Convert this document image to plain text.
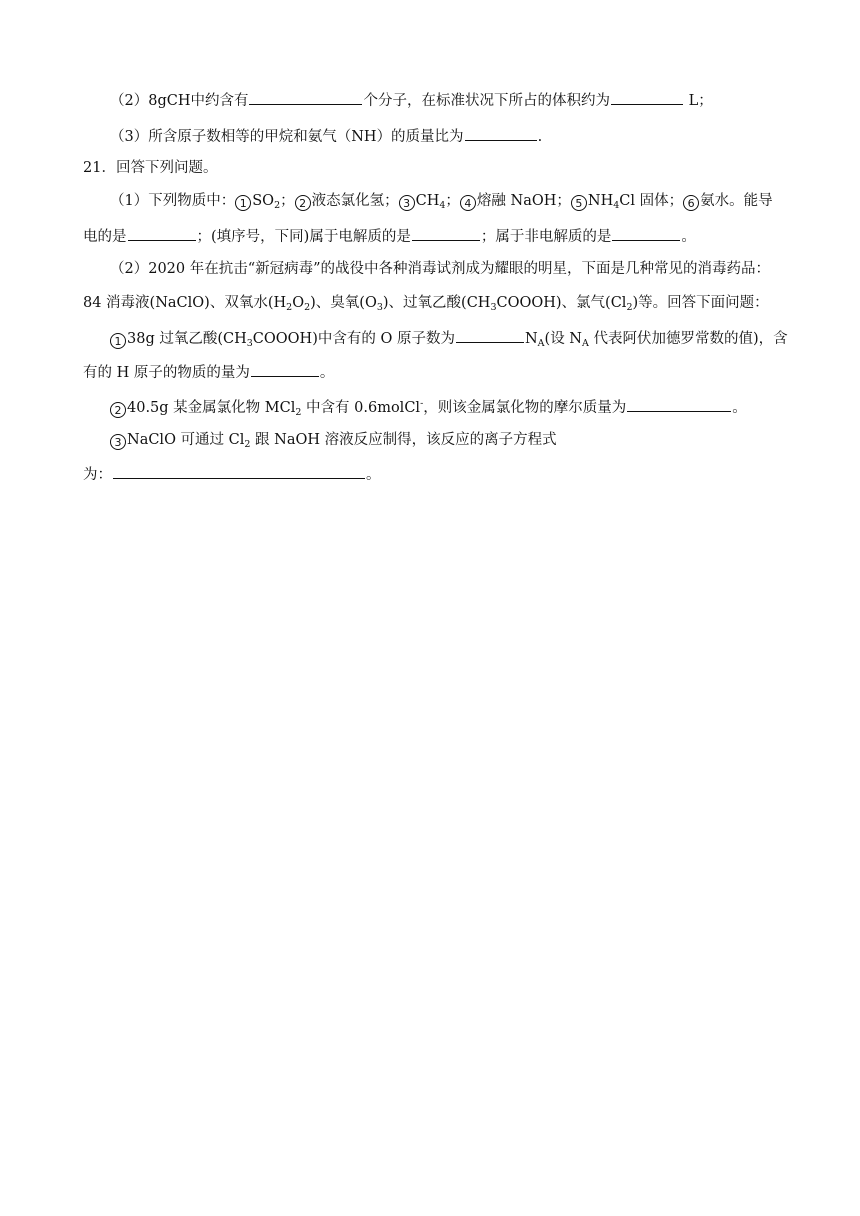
（2）8gCH中约含有	个分子，在标准状况下所占的体积约为	L；
（3）所含原子数相等的甲烷和氨气（NH）的质量比为	.
21．回答下列问题。
（1）下列物质中： 1 $SO_2$； 2 液态氯化氢； 3 $CH_4$； 4 熔融 NaOH； 5 $NH_4Cl$ 固体； 6 氨水。能导
电的是	；(填序号，下同)属于电解质的是	；属于非电解质的是	。
（2）2020 年在抗击“新冠病毒”的战役中各种消毒试剂成为耀眼的明星，下面是几种常见的消毒药品：
84 消毒液(NaClO)、双氧水$(H_2O_2)$、臭氧$(O_3)$、过氧乙酸$(CH_3COOOH)$、氯气$(Cl_2)$等。回答下面问题：
1 38g 过氧乙酸$(CH_3COOOH)$中含有的 O 原子数为	$N_A$(设 $N_A$ 代表阿伏加德罗常数的值)，含
有的 H 原子的物质的量为	。
2 40.5g 某金属氯化物 MCl$_2$ 中含有 0.6molCl-，则该金属氯化物的摩尔质量为	。
3 NaClO 可通过 $Cl_2$ 跟 NaOH 溶液反应制得，该反应的离子方程式
为：	。
